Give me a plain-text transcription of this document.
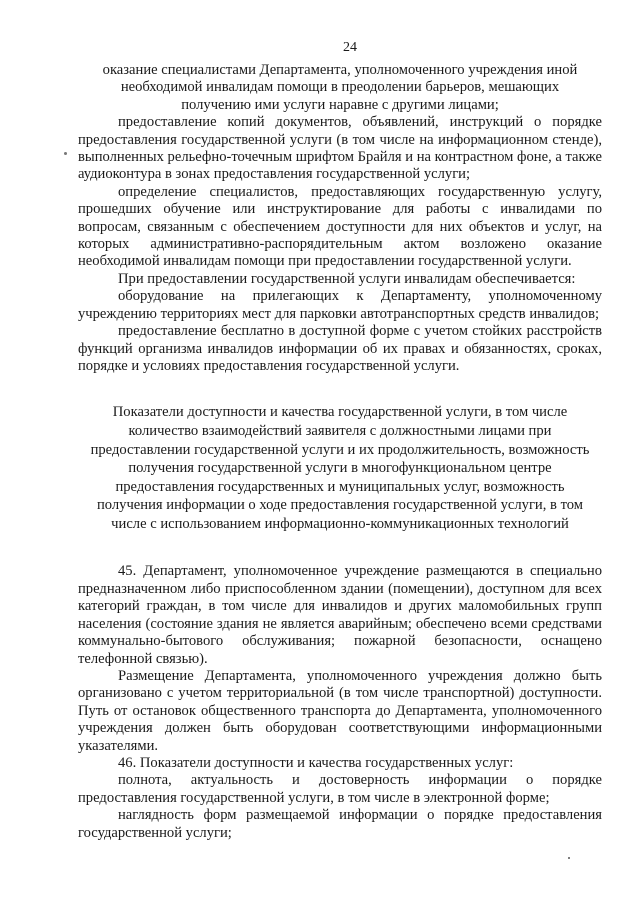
24

оказание специалистами Департамента, уполномоченного учреждения иной необходимой инвалидам помощи в преодолении барьеров, мешающих получению ими услуги наравне с другими лицами;

предоставление копий документов, объявлений, инструкций о порядке предоставления государственной услуги (в том числе на информационном стенде), выполненных рельефно-точечным шрифтом Брайля и на контрастном фоне, а также аудиоконтура в зонах предоставления государственной услуги;

определение специалистов, предоставляющих государственную услугу, прошедших обучение или инструктирование для работы с инвалидами по вопросам, связанным с обеспечением доступности для них объектов и услуг, на которых административно-распорядительным актом возложено оказание необходимой инвалидам помощи при предоставлении государственной услуги.

При предоставлении государственной услуги инвалидам обеспечивается:

оборудование на прилегающих к Департаменту, уполномоченному учреждению территориях мест для парковки автотранспортных средств инвалидов;

предоставление бесплатно в доступной форме с учетом стойких расстройств функций организма инвалидов информации об их правах и обязанностях, сроках, порядке и условиях предоставления государственной услуги.

Показатели доступности и качества государственной услуги, в том числе
количество взаимодействий заявителя с должностными лицами при
предоставлении государственной услуги и их продолжительность, возможность
получения государственной услуги в многофункциональном центре
предоставления государственных и муниципальных услуг, возможность
получения информации о ходе предоставления государственной услуги, в том
числе с использованием информационно-коммуникационных технологий

45. Департамент, уполномоченное учреждение размещаются в специально предназначенном либо приспособленном здании (помещении), доступном для всех категорий граждан, в том числе для инвалидов и других маломобильных групп населения (состояние здания не является аварийным; обеспечено всеми средствами коммунально-бытового обслуживания; пожарной безопасности, оснащено телефонной связью).

Размещение Департамента, уполномоченного учреждения должно быть организовано с учетом территориальной (в том числе транспортной) доступности. Путь от остановок общественного транспорта до Департамента, уполномоченного учреждения должен быть оборудован соответствующими информационными указателями.

46. Показатели доступности и качества государственных услуг:

полнота, актуальность и достоверность информации о порядке предоставления государственной услуги, в том числе в электронной форме;

наглядность форм размещаемой информации о порядке предоставления государственной услуги;
